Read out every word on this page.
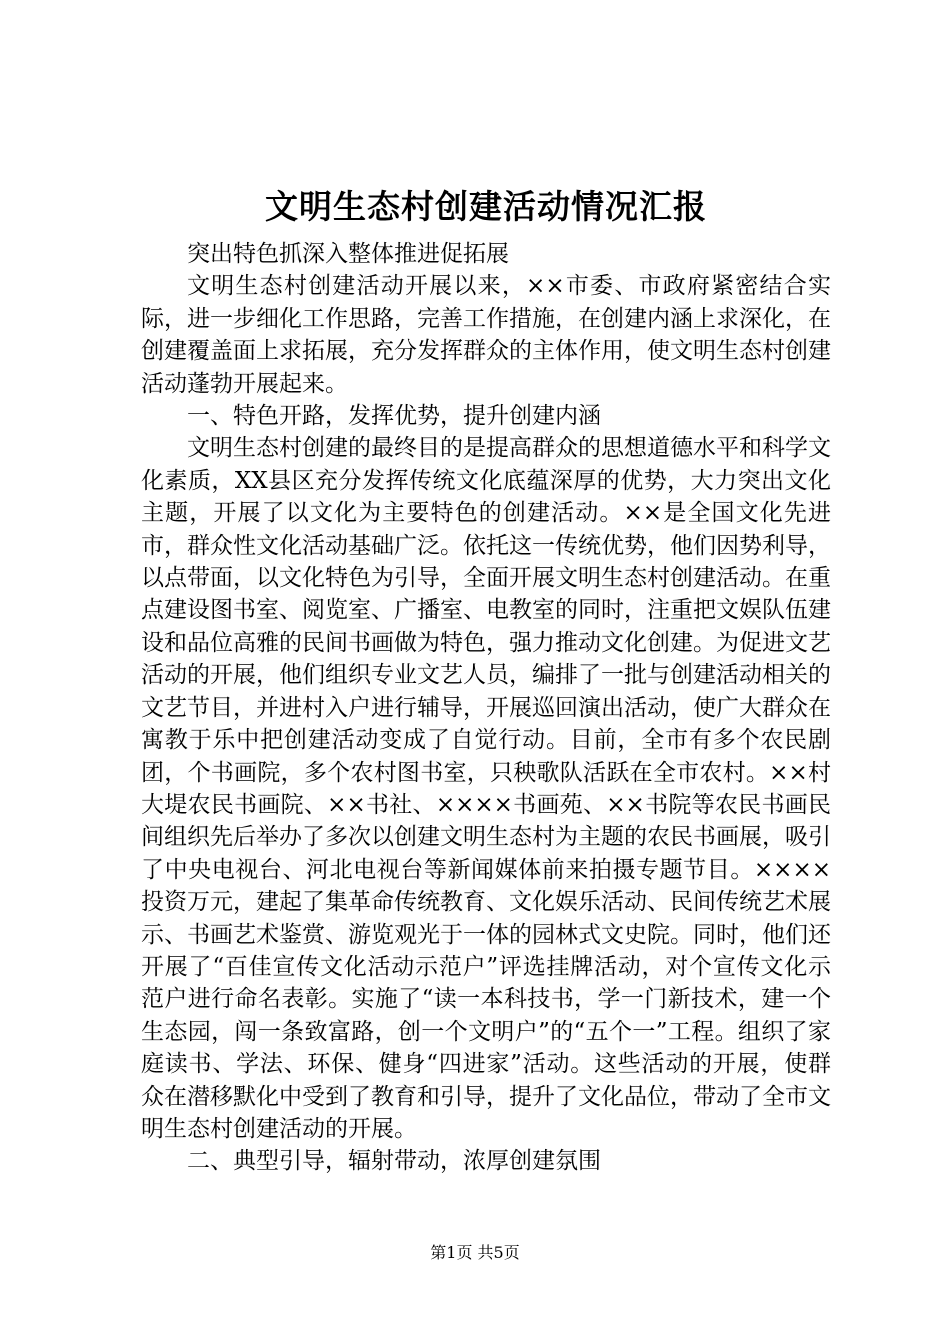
文明生态村创建活动情况汇报

突出特色抓深入整体推进促拓展

文明生态村创建活动开展以来，××市委、市政府紧密结合实际，进一步细化工作思路，完善工作措施，在创建内涵上求深化，在创建覆盖面上求拓展，充分发挥群众的主体作用，使文明生态村创建活动蓬勃开展起来。

一、特色开路，发挥优势，提升创建内涵

文明生态村创建的最终目的是提高群众的思想道德水平和科学文化素质，XX县区充分发挥传统文化底蕴深厚的优势，大力突出文化主题，开展了以文化为主要特色的创建活动。××是全国文化先进市，群众性文化活动基础广泛。依托这一传统优势，他们因势利导，以点带面，以文化特色为引导，全面开展文明生态村创建活动。在重点建设图书室、阅览室、广播室、电教室的同时，注重把文娱队伍建设和品位高雅的民间书画做为特色，强力推动文化创建。为促进文艺活动的开展，他们组织专业文艺人员，编排了一批与创建活动相关的文艺节目，并进村入户进行辅导，开展巡回演出活动，使广大群众在寓教于乐中把创建活动变成了自觉行动。目前，全市有多个农民剧团，个书画院，多个农村图书室，只秧歌队活跃在全市农村。××村大堤农民书画院、××书社、××××书画苑、××书院等农民书画民间组织先后举办了多次以创建文明生态村为主题的农民书画展，吸引了中央电视台、河北电视台等新闻媒体前来拍摄专题节目。××××投资万元，建起了集革命传统教育、文化娱乐活动、民间传统艺术展示、书画艺术鉴赏、游览观光于一体的园林式文史院。同时，他们还开展了“百佳宣传文化活动示范户”评选挂牌活动，对个宣传文化示范户进行命名表彰。实施了“读一本科技书，学一门新技术，建一个生态园，闯一条致富路，创一个文明户”的“五个一”工程。组织了家庭读书、学法、环保、健身“四进家”活动。这些活动的开展，使群众在潜移默化中受到了教育和引导，提升了文化品位，带动了全市文明生态村创建活动的开展。

二、典型引导，辐射带动，浓厚创建氛围

第1页 共5页
